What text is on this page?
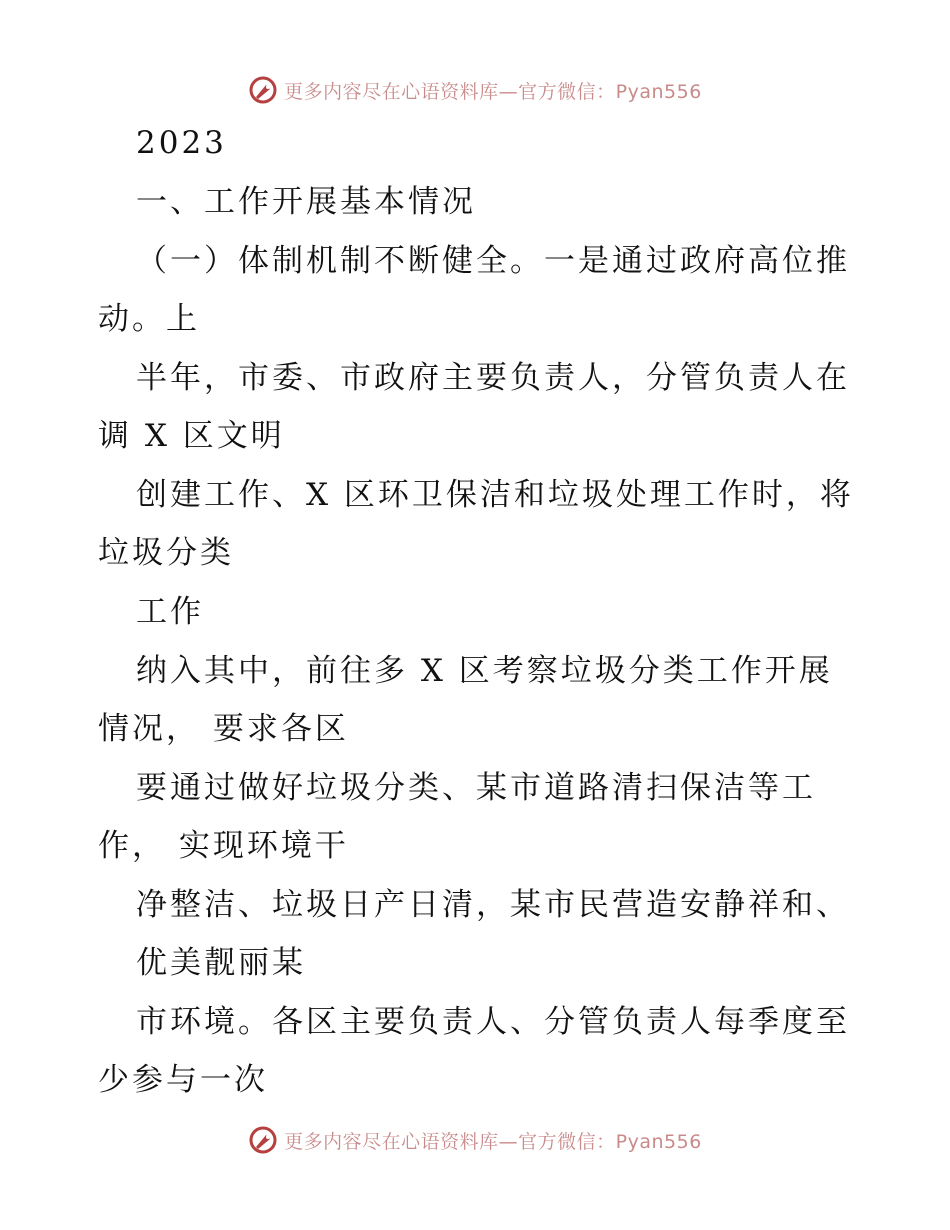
更多内容尽在心语资料库—官方微信：Pyan556
2023
一、工作开展基本情况
（一）体制机制不断健全。一是通过政府高位推
动。上
半年，市委、市政府主要负责人，分管负责人在
调 X 区文明
创建工作、X 区环卫保洁和垃圾处理工作时，将
垃圾分类
工作
纳入其中，前往多 X 区考察垃圾分类工作开展
情况， 要求各区
要通过做好垃圾分类、某市道路清扫保洁等工
作， 实现环境干
净整洁、垃圾日产日清，某市民营造安静祥和、
优美靓丽某
市环境。各区主要负责人、分管负责人每季度至
少参与一次
更多内容尽在心语资料库—官方微信：Pyan556
